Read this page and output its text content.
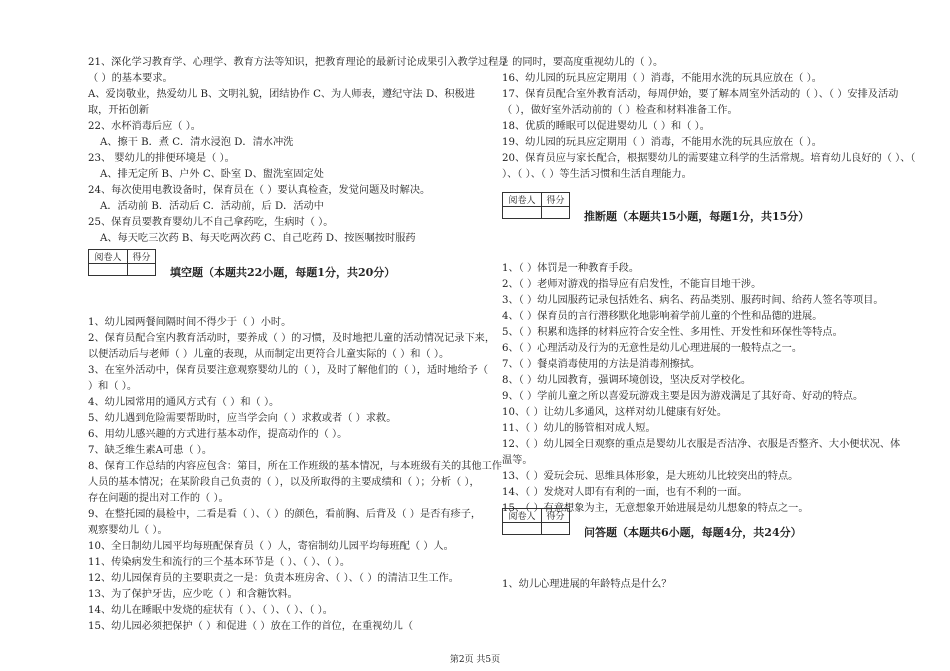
21、深化学习教育学、心理学、教育方法等知识，把教育理论的最新讨论成果引入教学过程是
（ ）的基本要求。
A、爱岗敬业，热爱幼儿 B、文明礼貌，团结协作 C、为人师表，遵纪守法 D、积极进
取，开拓创新
22、水杯消毒后应（ ）。
A、擦干 B．煮 C．清水浸泡 D．清水冲洗
23、 婴幼儿的排便环境是（ ）。
A、排无定所 B、户外 C、卧室 D、盥洗室固定处
24、每次使用电教设备时，保育员在（ ）要认真检查，发觉问题及时解决。
A．活动前 B．活动后 C．活动前，后 D．活动中
25、保育员要教育婴幼儿不自己拿药吃，生病时（ ）。
A、每天吃三次药 B、每天吃两次药 C、自己吃药 D、按医嘱按时服药
阅卷人	得分

填空题（本题共22小题，每题1分，共20分）
1、幼儿园两餐间隔时间不得少于（ ）小时。
2、保育员配合室内教育活动时，要养成（ ）的习惯，及时地把儿童的活动情况记录下来，
以便活动后与老师（ ）儿童的表现，从而制定出更符合儿童实际的（ ）和（ ）。
3、在室外活动中，保育员要注意观察婴幼儿的（ ），及时了解他们的（ ），适时地给予（
）和（ ）。
4、幼儿园常用的通风方式有（ ）和（ ）。
5、幼儿遇到危险需要帮助时，应当学会向（ ）求救或者（ ）求救。
6、用幼儿感兴趣的方式进行基本动作，提高动作的（ ）。
7、缺乏维生素A可患（ ）。
8、保育工作总结的内容应包含：第目，所在工作班级的基本情况，与本班级有关的其他工作
人员的基本情况；在某阶段自己负责的（ ），以及所取得的主要成绩和（ ）；分析（ ），
存在问题的提出对工作的（ ）。
9、在整托园的晨检中，二看是看（ ）、（ ）的颜色，看前胸、后背及（ ）是否有疹子，
观察婴幼儿（ ）。
10、全日制幼儿园平均每班配保育员（ ）人，寄宿制幼儿园平均每班配（ ）人。
11、传染病发生和流行的三个基本环节是（ ）、（ ）、（ ）。
12、幼儿园保育员的主要职责之一是：负责本班房舍、（ ）、（ ）的清洁卫生工作。
13、为了保护牙齿，应少吃（ ）和含糖饮料。
14、幼儿在睡眠中发烧的症状有（ ）、（ ）、（ ）、（ ）。
15、幼儿园必须把保护（ ）和促进（ ）放在工作的首位，在重视幼儿（
）的同时，要高度重视幼儿的（ ）。
16、幼儿园的玩具应定期用（ ）消毒，不能用水洗的玩具应放在（ ）。
17、保育员配合室外教育活动，每周伊始，要了解本周室外活动的（ ）、（ ）安排及活动
（ ），做好室外活动前的（ ）检查和材料准备工作。
18、优质的睡眠可以促进婴幼儿（ ）和（ ）。
19、幼儿园的玩具应定期用（ ）消毒，不能用水洗的玩具应放在（ ）。
20、保育员应与家长配合，根据婴幼儿的需要建立科学的生活常规。培育幼儿良好的（ ）、（
）、（ ）、（ ）等生活习惯和生活自理能力。
阅卷人	得分

推断题（本题共15小题，每题1分，共15分）
1、（ ）体罚是一种教育手段。
2、（ ）老师对游戏的指导应有启发性，不能盲目地干涉。
3、（ ）幼儿园服药记录包括姓名、病名、药品类别、服药时间、给药人签名等项目。
4、（ ）保育员的言行潜移默化地影响着学前儿童的个性和品德的进展。
5、（ ）积累和选择的材料应符合安全性、多用性、开发性和环保性等特点。
6、（ ）心理活动及行为的无意性是幼儿心理进展的一般特点之一。
7、（ ）餐桌消毒使用的方法是消毒剂擦拭。
8、（ ）幼儿园教育，强调环境创设，坚决反对学校化。
9、（ ）学前儿童之所以喜爱玩游戏主要是因为游戏满足了其好奇、好动的特点。
10、（ ）让幼儿多通风，这样对幼儿健康有好处。
11、（ ）幼儿的肠管相对成人短。
12、（ ）幼儿园全日观察的重点是婴幼儿衣服是否洁净、衣服是否整齐、大小便状况、体
温等。
13、（ ）爱玩会玩、思维具体形象，是大班幼儿比较突出的特点。
14、（ ）发烧对人即有有利的一面，也有不利的一面。
15、（ ）有意想象为主，无意想象开始进展是幼儿想象的特点之一。
阅卷人	得分

问答题（本题共6小题，每题4分，共24分）
1、幼儿心理进展的年龄特点是什么？
第2页 共5页
